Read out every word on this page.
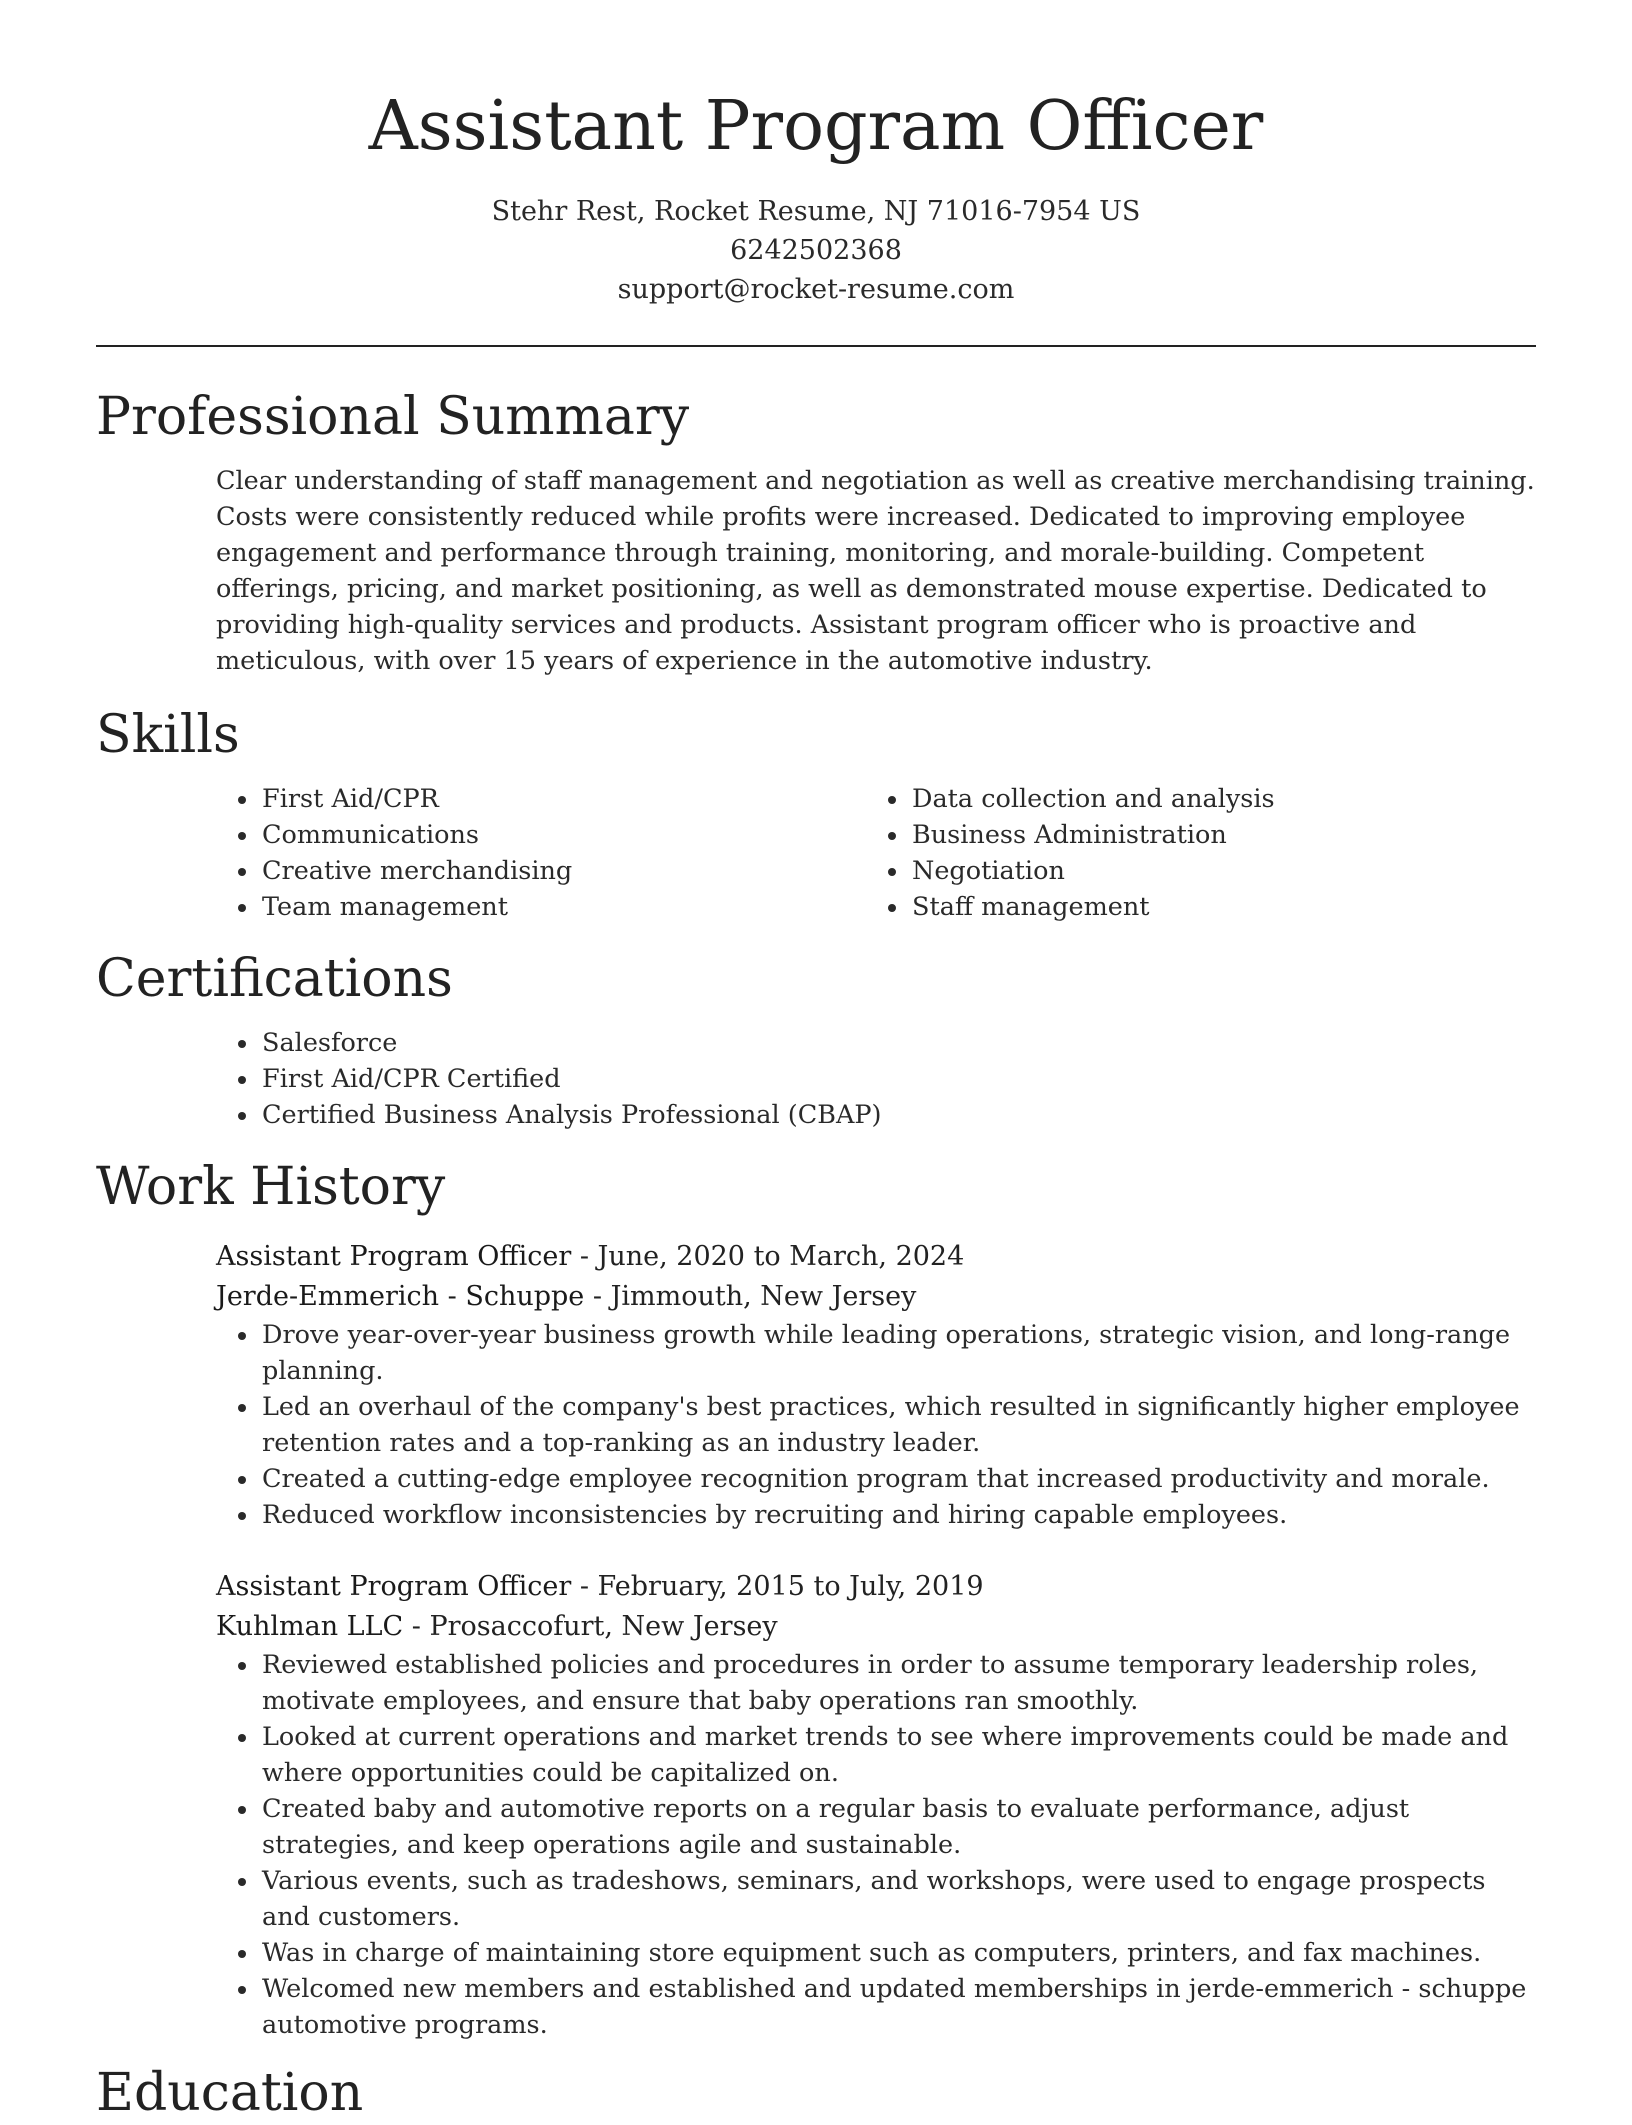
Assistant Program Officer
Stehr Rest, Rocket Resume, NJ 71016-7954 US
6242502368
support@rocket-resume.com
Professional Summary
Clear understanding of staff management and negotiation as well as creative merchandising training. Costs were consistently reduced while profits were increased. Dedicated to improving employee engagement and performance through training, monitoring, and morale-building. Competent offerings, pricing, and market positioning, as well as demonstrated mouse expertise. Dedicated to providing high-quality services and products. Assistant program officer who is proactive and meticulous, with over 15 years of experience in the automotive industry.
Skills
• First Aid/CPR
• Communications
• Creative merchandising
• Team management
• Data collection and analysis
• Business Administration
• Negotiation
• Staff management
Certifications
• Salesforce
• First Aid/CPR Certified
• Certified Business Analysis Professional (CBAP)
Work History
Assistant Program Officer - June, 2020 to March, 2024
Jerde-Emmerich - Schuppe - Jimmouth, New Jersey
• Drove year-over-year business growth while leading operations, strategic vision, and long-range planning.
• Led an overhaul of the company's best practices, which resulted in significantly higher employee retention rates and a top-ranking as an industry leader.
• Created a cutting-edge employee recognition program that increased productivity and morale.
• Reduced workflow inconsistencies by recruiting and hiring capable employees.
Assistant Program Officer - February, 2015 to July, 2019
Kuhlman LLC - Prosaccofurt, New Jersey
• Reviewed established policies and procedures in order to assume temporary leadership roles, motivate employees, and ensure that baby operations ran smoothly.
• Looked at current operations and market trends to see where improvements could be made and where opportunities could be capitalized on.
• Created baby and automotive reports on a regular basis to evaluate performance, adjust strategies, and keep operations agile and sustainable.
• Various events, such as tradeshows, seminars, and workshops, were used to engage prospects and customers.
• Was in charge of maintaining store equipment such as computers, printers, and fax machines.
• Welcomed new members and established and updated memberships in jerde-emmerich - schuppe automotive programs.
Education
